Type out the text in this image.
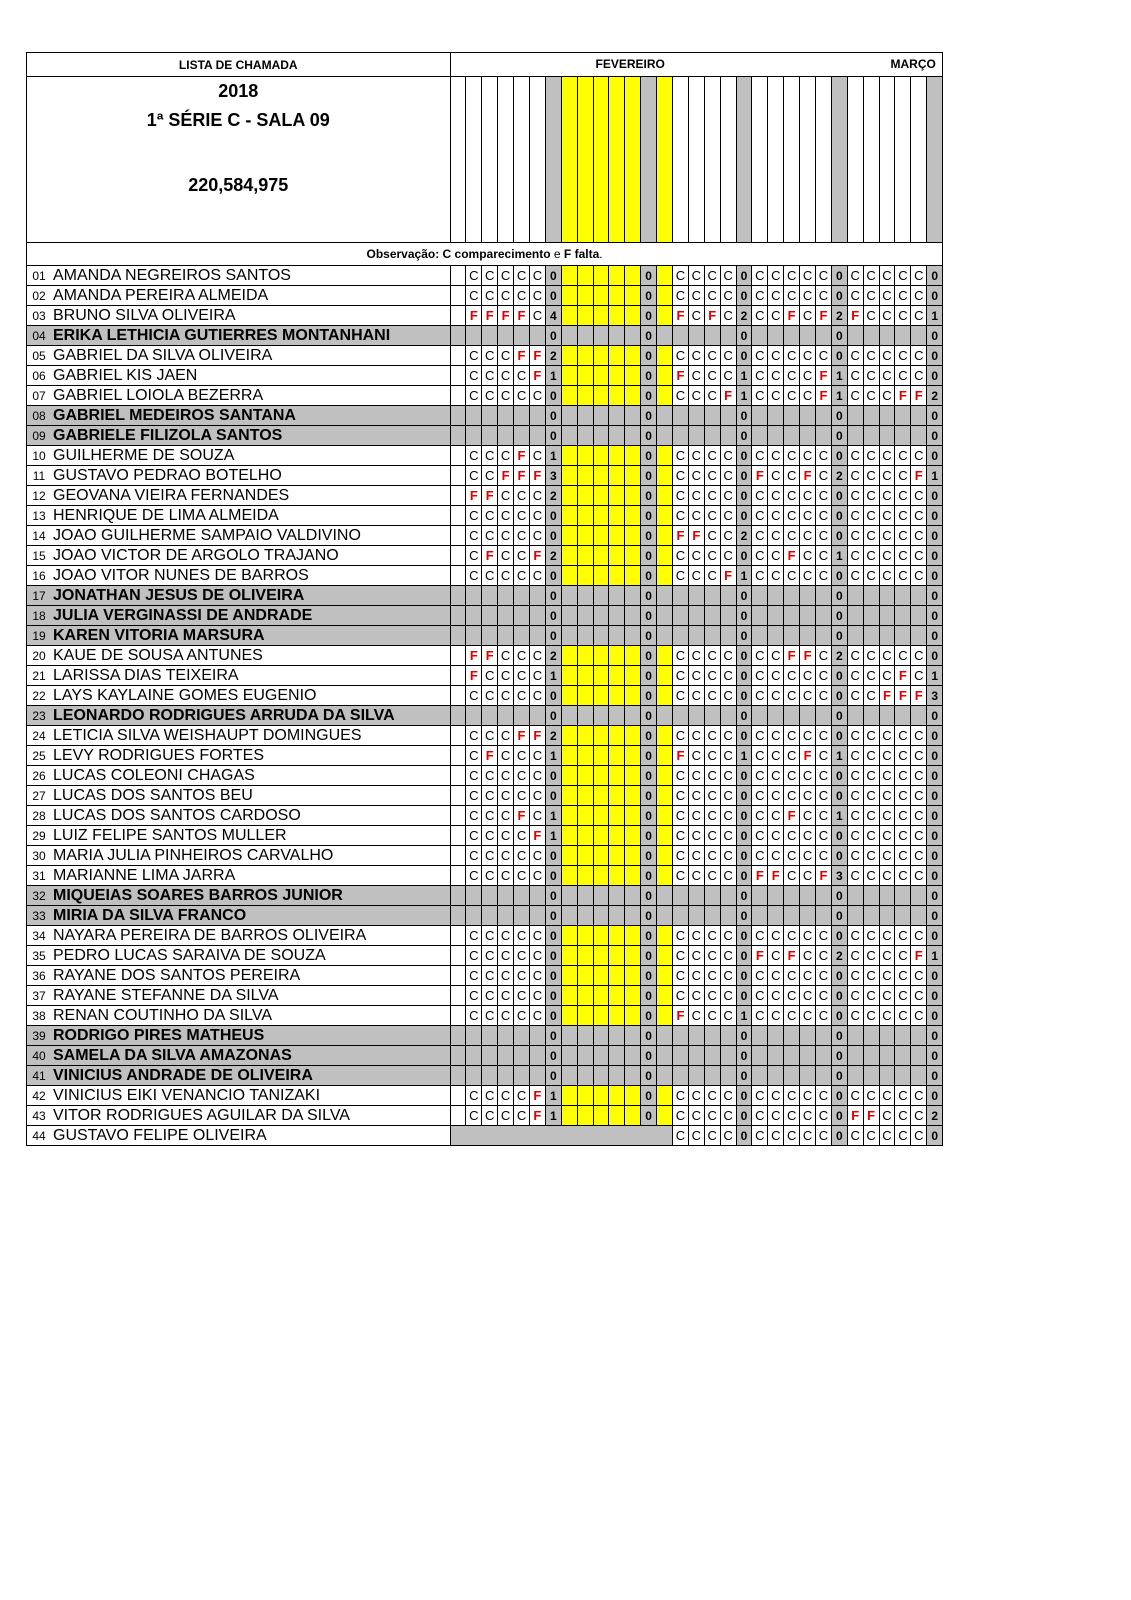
LISTA DE CHAMADA		FEVEREIRO MARÇO																														

2018
1ª SÉRIE C - SALA 09
220,584,975

Observação: C comparecimento e F falta.																																
01	AMANDA NEGREIROS SANTOS		C	C	C	C	C	0						0		C	C	C	C	0	C	C	C	C	C	0	C	C	C	C	C	0
02	AMANDA PEREIRA ALMEIDA		C	C	C	C	C	0						0		C	C	C	C	0	C	C	C	C	C	0	C	C	C	C	C	0
03	BRUNO SILVA OLIVEIRA		F	F	F	F	C	4						0		F	C	F	C	2	C	C	F	C	F	2	F	C	C	C	C	1
04	ERIKA LETHICIA GUTIERRES MONTANHANI							0						0						0						0						0
05	GABRIEL DA SILVA OLIVEIRA		C	C	C	F	F	2						0		C	C	C	C	0	C	C	C	C	C	0	C	C	C	C	C	0
06	GABRIEL KIS JAEN		C	C	C	C	F	1						0		F	C	C	C	1	C	C	C	C	F	1	C	C	C	C	C	0
07	GABRIEL LOIOLA BEZERRA		C	C	C	C	C	0						0		C	C	C	F	1	C	C	C	C	F	1	C	C	C	F	F	2
08	GABRIEL MEDEIROS SANTANA							0						0						0						0						0
09	GABRIELE FILIZOLA SANTOS							0						0						0						0						0
10	GUILHERME DE SOUZA		C	C	C	F	C	1						0		C	C	C	C	0	C	C	C	C	C	0	C	C	C	C	C	0
11	GUSTAVO PEDRAO BOTELHO		C	C	F	F	F	3						0		C	C	C	C	0	F	C	C	F	C	2	C	C	C	C	F	1
12	GEOVANA VIEIRA FERNANDES		F	F	C	C	C	2						0		C	C	C	C	0	C	C	C	C	C	0	C	C	C	C	C	0
13	HENRIQUE DE LIMA ALMEIDA		C	C	C	C	C	0						0		C	C	C	C	0	C	C	C	C	C	0	C	C	C	C	C	0
14	JOAO GUILHERME SAMPAIO VALDIVINO		C	C	C	C	C	0						0		F	F	C	C	2	C	C	C	C	C	0	C	C	C	C	C	0
15	JOAO VICTOR DE ARGOLO TRAJANO		C	F	C	C	F	2						0		C	C	C	C	0	C	C	F	C	C	1	C	C	C	C	C	0
16	JOAO VITOR NUNES DE BARROS		C	C	C	C	C	0						0		C	C	C	F	1	C	C	C	C	C	0	C	C	C	C	C	0
17	JONATHAN JESUS DE OLIVEIRA							0						0						0						0						0
18	JULIA VERGINASSI DE ANDRADE							0						0						0						0						0
19	KAREN VITORIA MARSURA							0						0						0						0						0
20	KAUE DE SOUSA ANTUNES		F	F	C	C	C	2						0		C	C	C	C	0	C	C	F	F	C	2	C	C	C	C	C	0
21	LARISSA DIAS TEIXEIRA		F	C	C	C	C	1						0		C	C	C	C	0	C	C	C	C	C	0	C	C	C	F	C	1
22	LAYS KAYLAINE GOMES EUGENIO		C	C	C	C	C	0						0		C	C	C	C	0	C	C	C	C	C	0	C	C	F	F	F	3
23	LEONARDO RODRIGUES ARRUDA DA SILVA							0						0						0						0						0
24	LETICIA SILVA WEISHAUPT DOMINGUES		C	C	C	F	F	2						0		C	C	C	C	0	C	C	C	C	C	0	C	C	C	C	C	0
25	LEVY RODRIGUES FORTES		C	F	C	C	C	1						0		F	C	C	C	1	C	C	C	F	C	1	C	C	C	C	C	0
26	LUCAS COLEONI CHAGAS		C	C	C	C	C	0						0		C	C	C	C	0	C	C	C	C	C	0	C	C	C	C	C	0
27	LUCAS DOS SANTOS BEU		C	C	C	C	C	0						0		C	C	C	C	0	C	C	C	C	C	0	C	C	C	C	C	0
28	LUCAS DOS SANTOS CARDOSO		C	C	C	F	C	1						0		C	C	C	C	0	C	C	F	C	C	1	C	C	C	C	C	0
29	LUIZ FELIPE SANTOS MULLER		C	C	C	C	F	1						0		C	C	C	C	0	C	C	C	C	C	0	C	C	C	C	C	0
30	MARIA JULIA PINHEIROS CARVALHO		C	C	C	C	C	0						0		C	C	C	C	0	C	C	C	C	C	0	C	C	C	C	C	0
31	MARIANNE LIMA JARRA		C	C	C	C	C	0						0		C	C	C	C	0	F	F	C	C	F	3	C	C	C	C	C	0
32	MIQUEIAS SOARES BARROS JUNIOR							0						0						0						0						0
33	MIRIA DA SILVA FRANCO							0						0						0						0						0
34	NAYARA PEREIRA DE BARROS OLIVEIRA		C	C	C	C	C	0						0		C	C	C	C	0	C	C	C	C	C	0	C	C	C	C	C	0
35	PEDRO LUCAS SARAIVA DE SOUZA		C	C	C	C	C	0						0		C	C	C	C	0	F	C	F	C	C	2	C	C	C	C	F	1
36	RAYANE DOS SANTOS PEREIRA		C	C	C	C	C	0						0		C	C	C	C	0	C	C	C	C	C	0	C	C	C	C	C	0
37	RAYANE STEFANNE DA SILVA		C	C	C	C	C	0						0		C	C	C	C	0	C	C	C	C	C	0	C	C	C	C	C	0
38	RENAN COUTINHO DA SILVA		C	C	C	C	C	0						0		F	C	C	C	1	C	C	C	C	C	0	C	C	C	C	C	0
39	RODRIGO PIRES MATHEUS							0						0						0						0						0
40	SAMELA DA SILVA AMAZONAS							0						0						0						0						0
41	VINICIUS ANDRADE DE OLIVEIRA							0						0						0						0						0
42	VINICIUS EIKI VENANCIO TANIZAKI		C	C	C	C	F	1						0		C	C	C	C	0	C	C	C	C	C	0	C	C	C	C	C	0
43	VITOR RODRIGUES AGUILAR DA SILVA		C	C	C	C	F	1						0		C	C	C	C	0	C	C	C	C	C	0	F	F	C	C	C	2
44	GUSTAVO FELIPE OLIVEIRA															C	C	C	C	0	C	C	C	C	C	0	C	C	C	C	C	0
